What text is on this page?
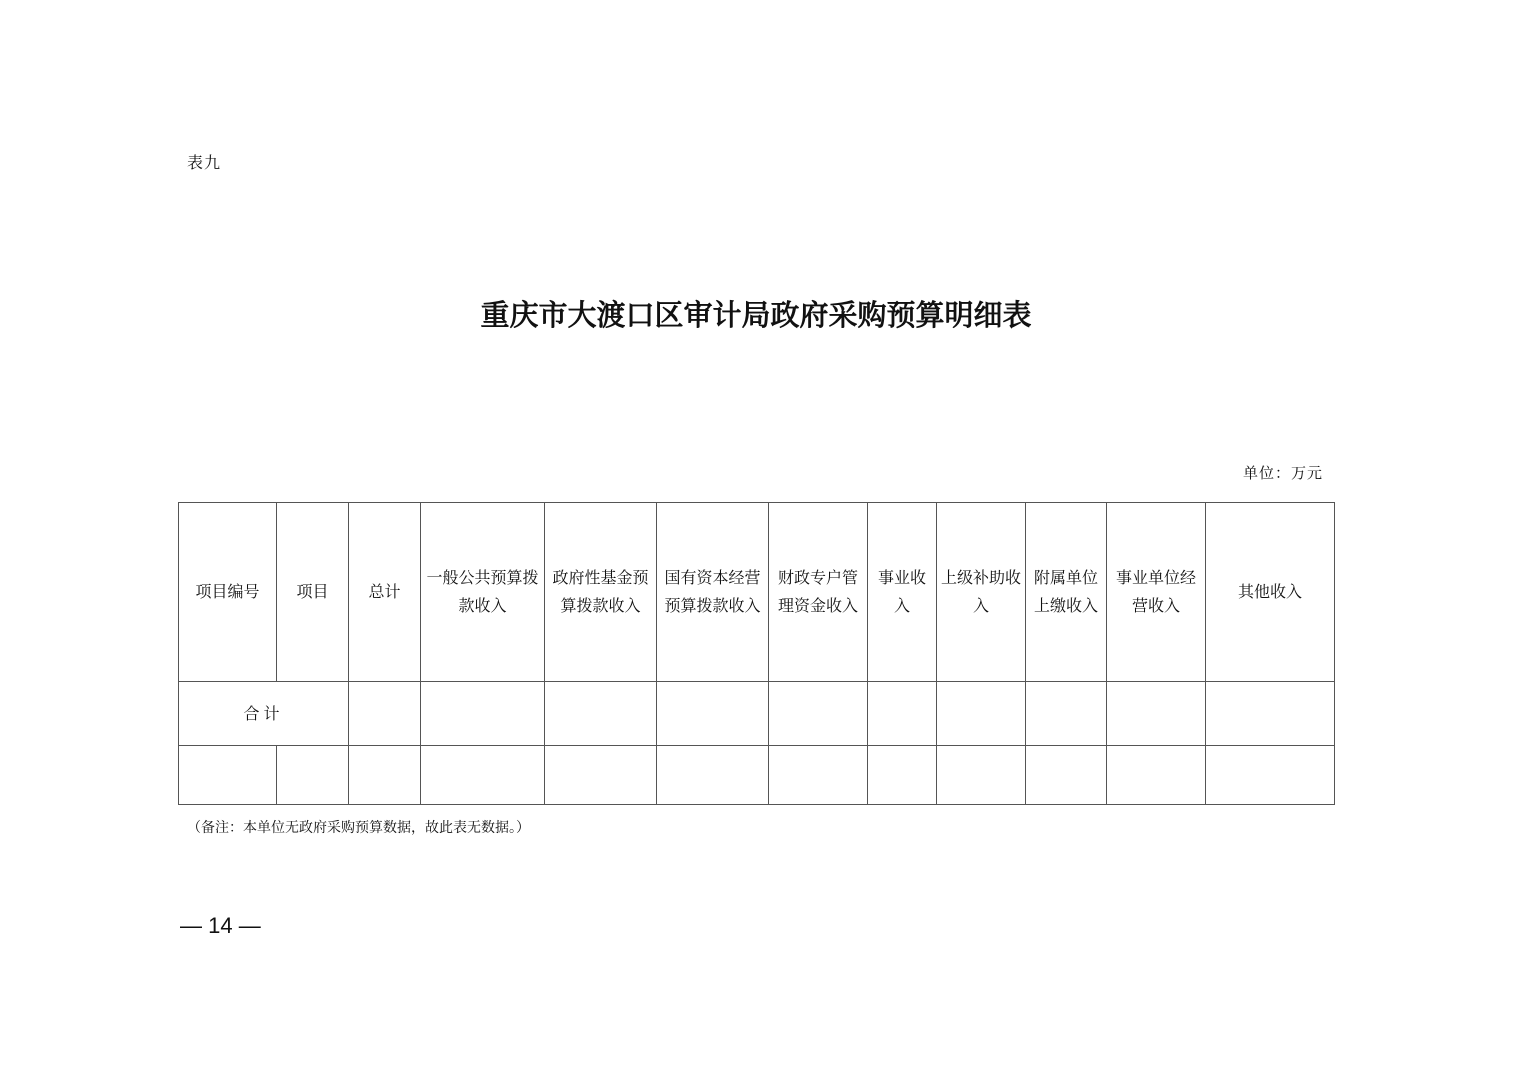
表九
重庆市大渡口区审计局政府采购预算明细表
单位：万元
项目编号	项目	总计	一般公共预算拨款收入	政府性基金预算拨款收入	国有资本经营预算拨款收入	财政专户管理资金收入	事业收入	上级补助收入	附属单位上缴收入	事业单位经营收入	其他收入
合计											

（备注：本单位无政府采购预算数据，故此表无数据。）
— 14 —
